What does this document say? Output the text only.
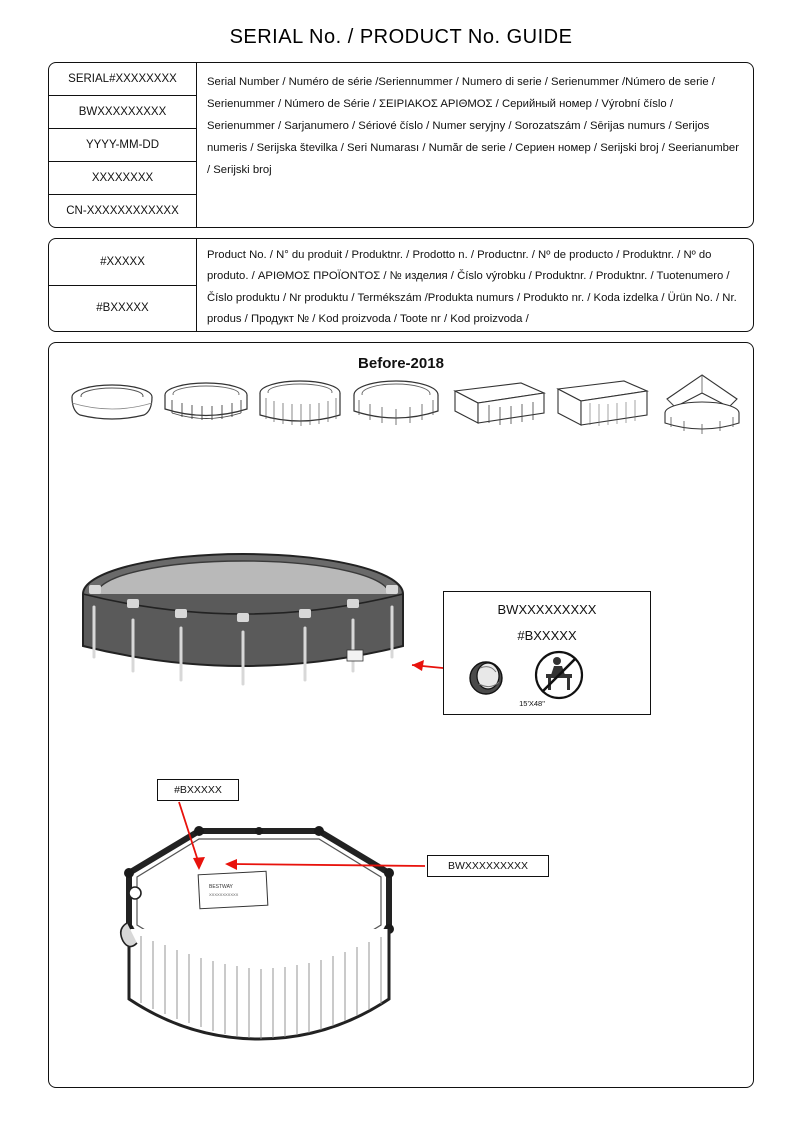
SERIAL No. / PRODUCT No. GUIDE
SERIAL#XXXXXXXX
BWXXXXXXXXX
YYYY-MM-DD
XXXXXXXX
CN-XXXXXXXXXXXX
Serial Number / Numéro de série /Seriennummer / Numero di serie / Serienummer /Número de serie / Serienummer / Número de Série / ΣΕΙΡΙΑΚΟΣ ΑΡΙΘΜΟΣ / Серийный номер / Výrobní číslo / Serienummer / Sarjanumero / Sériové číslo / Numer seryjny / Sorozatszám / Sērijas numurs / Serijos numeris / Serijska številka / Seri Numarası / Număr de serie / Сериен номер / Serijski broj / Seerianumber / Serijski broj
#XXXXX
#BXXXXX
Product No. / N° du produit / Produktnr. / Prodotto n. / Productnr. / Nº de producto / Produktnr. / Nº do produto. / ΑΡΙΘΜΟΣ ΠΡΟΪΟΝΤΟΣ / № изделия / Číslo výrobku / Produktnr. / Produktnr. / Tuotenumero / Číslo produktu / Nr produktu / Termékszám /Produkta numurs / Produkto nr. / Koda izdelka / Ürün No. / Nr. produs / Продукт № / Kod proizvoda / Toote nr / Kod proizvoda /
Before-2018
BWXXXXXXXXX
#BXXXXX
15'X48"
BESTWAY
XXXXXXXXXXX
#BXXXXX
BWXXXXXXXXX
